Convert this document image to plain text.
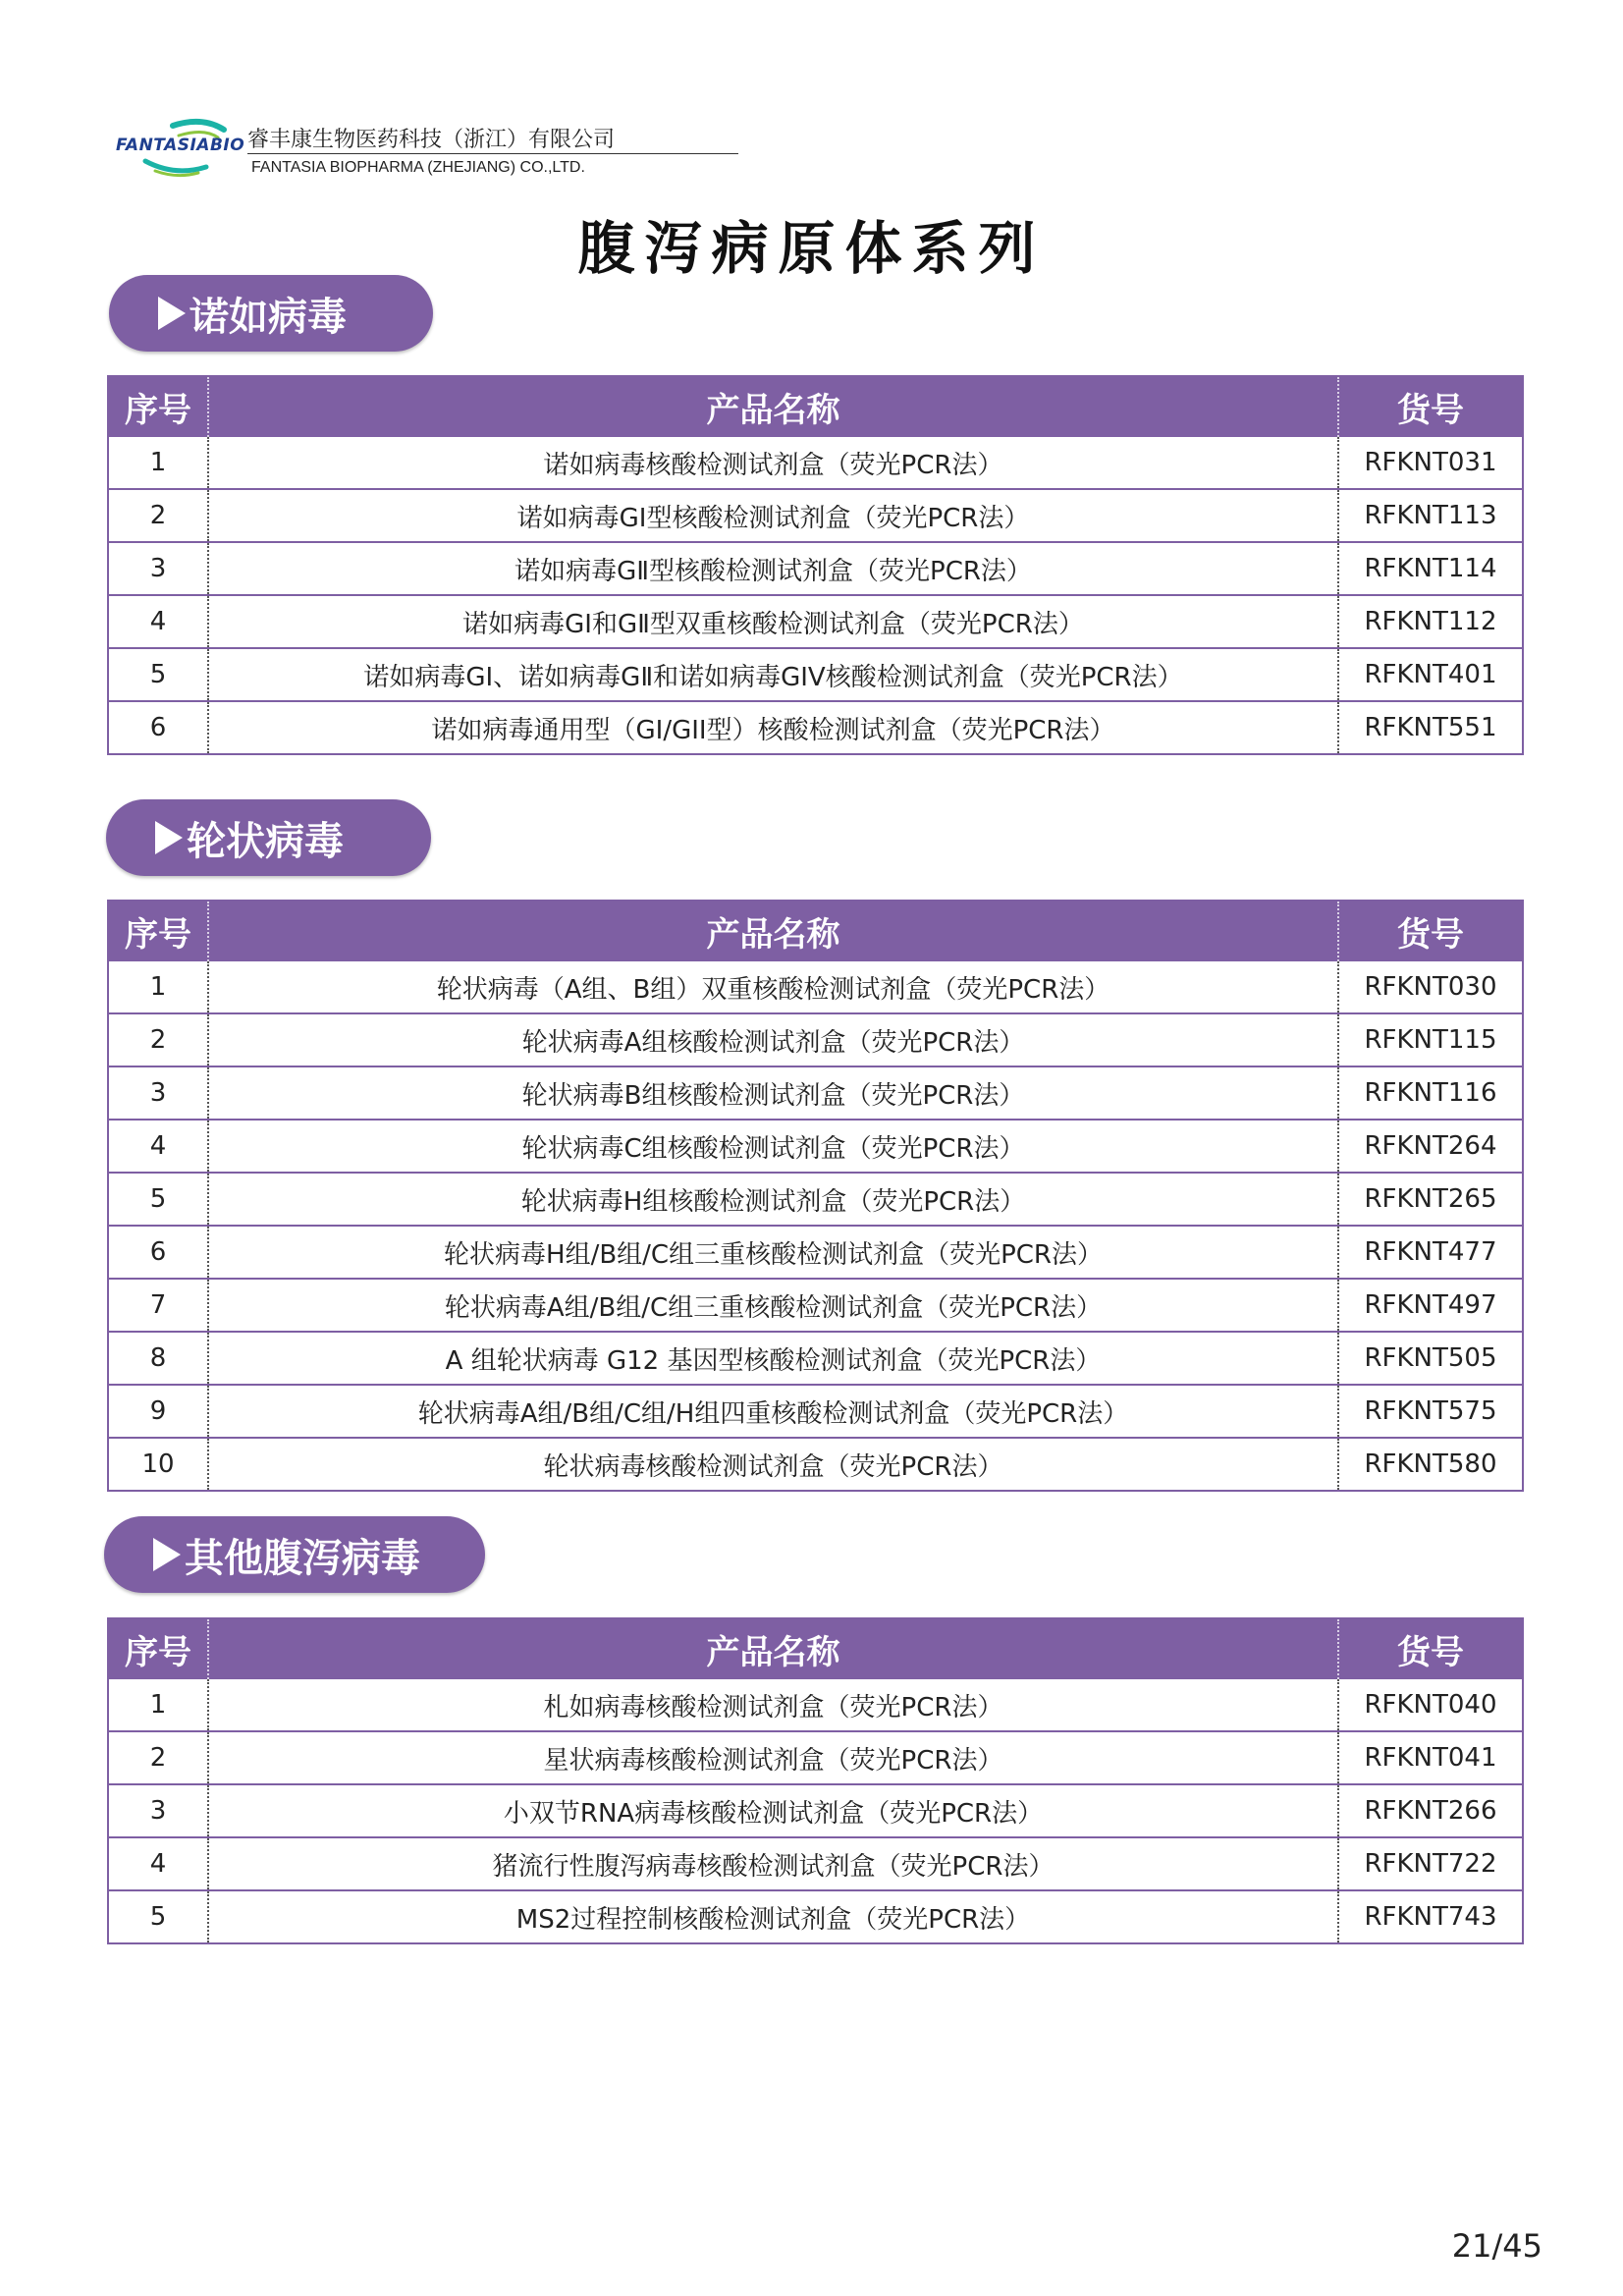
FANTASIABIO 睿丰康生物医药科技（浙江）有限公司
FANTASIA BIOPHARMA (ZHEJIANG) CO.,LTD.
腹泻病原体系列
诺如病毒
序号	产品名称	货号
1	诺如病毒核酸检测试剂盒（荧光PCR法）	RFKNT031
2	诺如病毒GⅠ型核酸检测试剂盒（荧光PCR法）	RFKNT113
3	诺如病毒GⅡ型核酸检测试剂盒（荧光PCR法）	RFKNT114
4	诺如病毒GⅠ和GⅡ型双重核酸检测试剂盒（荧光PCR法）	RFKNT112
5	诺如病毒GI、诺如病毒GⅡ和诺如病毒GIV核酸检测试剂盒（荧光PCR法）	RFKNT401
6	诺如病毒通用型（GI/GII型）核酸检测试剂盒（荧光PCR法）	RFKNT551
轮状病毒
序号	产品名称	货号
1	轮状病毒（A组、B组）双重核酸检测试剂盒（荧光PCR法）	RFKNT030
2	轮状病毒A组核酸检测试剂盒（荧光PCR法）	RFKNT115
3	轮状病毒B组核酸检测试剂盒（荧光PCR法）	RFKNT116
4	轮状病毒C组核酸检测试剂盒（荧光PCR法）	RFKNT264
5	轮状病毒H组核酸检测试剂盒（荧光PCR法）	RFKNT265
6	轮状病毒H组/B组/C组三重核酸检测试剂盒（荧光PCR法）	RFKNT477
7	轮状病毒A组/B组/C组三重核酸检测试剂盒（荧光PCR法）	RFKNT497
8	A 组轮状病毒 G12 基因型核酸检测试剂盒（荧光PCR法）	RFKNT505
9	轮状病毒A组/B组/C组/H组四重核酸检测试剂盒（荧光PCR法）	RFKNT575
10	轮状病毒核酸检测试剂盒（荧光PCR法）	RFKNT580
其他腹泻病毒
序号	产品名称	货号
1	札如病毒核酸检测试剂盒（荧光PCR法）	RFKNT040
2	星状病毒核酸检测试剂盒（荧光PCR法）	RFKNT041
3	小双节RNA病毒核酸检测试剂盒（荧光PCR法）	RFKNT266
4	猪流行性腹泻病毒核酸检测试剂盒（荧光PCR法）	RFKNT722
5	MS2过程控制核酸检测试剂盒（荧光PCR法）	RFKNT743
21/45
